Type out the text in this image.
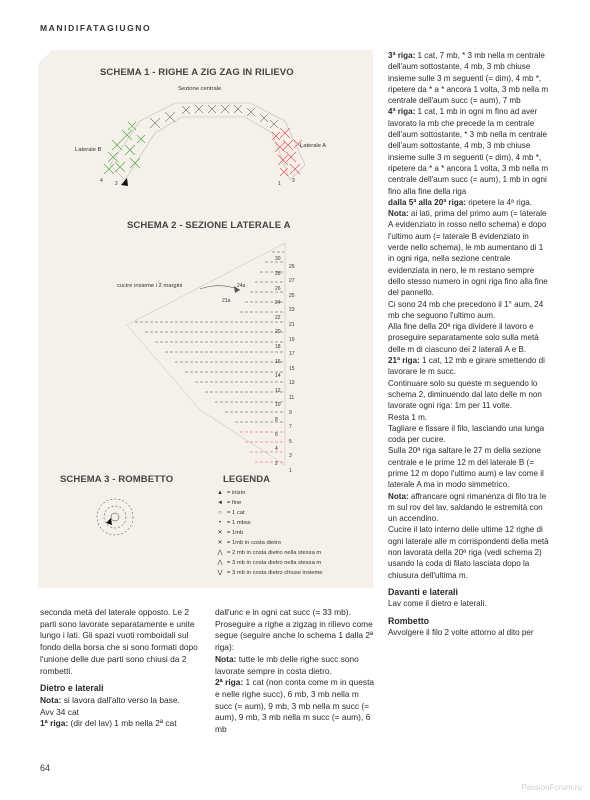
MANIDIFATAGIUGNO
SCHEMA 1 - RIGHE A ZIG ZAG IN RILIEVO
Sezione centrale
Laterale B
Laterale A
4 2	1 3
SCHEMA 2 - SEZIONE LATERALE A
cucire insieme i 2 margini
1
2
3
4
5
6
7
8
9
10
11
12
13
14
15
16
17
18
19
20
21
22
23
24
25
26
27
28
29
30
24a
21a
SCHEMA 3 - ROMBETTO	LEGENDA
▲ = inizio
◄ = fine
○ = 1 cat
• = 1 mbss
✕ = 1mb
✕ = 1mb in costa dietro
⋀ = 2 mb in costa dietro nella stessa m
⋀ = 3 mb in costa dietro nella stessa m
⋁ = 3 mb in costa dietro chiuse insieme

seconda metà del laterale opposto. Le 2 parti sono lavorate separatamente e unite lungo i lati. Gli spazi vuoti romboidali sul fondo della borsa che si sono formati dopo l'unione delle due parti sono chiusi da 2 rombetti.

Dietro e laterali

Nota: si lavora dall'alto verso la base.

Avv 34 cat

1ª riga: (dir del lav) 1 mb nella 2ª cat

dall'unc e in ogni cat succ (= 33 mb).

Proseguire a righe a zigzag in rilievo come segue (seguire anche lo schema 1 dalla 2ª riga):

Nota: tutte le mb delle righe succ sono lavorate sempre in costa dietro.

2ª riga: 1 cat (non conta come m in questa e nelle righe succ), 6 mb, 3 mb nella m succ (= aum), 9 mb, 3 mb nella m succ (= aum), 9 mb, 3 mb nella m succ (= aum), 6 mb

3ª riga: 1 cat, 7 mb, * 3 mb nella m centrale dell'aum sottostante, 4 mb, 3 mb chiuse insieme sulle 3 m seguenti (= dim), 4 mb *, ripetere da * a * ancora 1 volta, 3 mb nella m centrale dell'aum succ (= aum), 7 mb

4ª riga: 1 cat, 1 mb in ogni m fino ad aver lavorato la mb che precede la m centrale dell'aum sottostante, * 3 mb nella m centrale dell'aum sottostante, 4 mb, 3 mb chiuse insieme sulle 3 m seguenti (= dim), 4 mb *, ripetere da * a * ancora 1 volta, 3 mb nella m centrale dell'aum succ (= aum), 1 mb in ogni fino alla fine della riga

dalla 5ª alla 20ª riga: ripetere la 4ª riga.

Nota: ai lati, prima del primo aum (= laterale A evidenziato in rosso nello schema) e dopo l'ultimo aum (= laterale B evidenziato in verde nello schema), le mb aumentano di 1 in ogni riga, nella sezione centrale evidenziata in nero, le m restano sempre dello stesso numero in ogni riga fino alla fine del pannello.

Ci sono 24 mb che precedono il 1° aum, 24 mb che seguono l'ultimo aum.

Alla fine della 20ª riga dividere il lavoro e proseguire separatamente solo sulla metà delle m di ciascuno dei 2 laterali A e B.

21ª riga: 1 cat, 12 mb e girare smettendo di lavorare le m succ.

Continuare solo su queste m seguendo lo schema 2, diminuendo dal lato delle m non lavorate ogni riga: 1m per 11 volte.

Resta 1 m.

Tagliare e fissare il filo, lasciando una lunga coda per cucire.

Sulla 20ª riga saltare le 27 m della sezione centrale e le prime 12 m del laterale B (= prime 12 m dopo l'ultimo aum) e lav come il laterale A ma in modo simmetrico.

Nota: affrancare ogni rimanenza di filo tra le m sul rov del lav, saldando le estremità con un accendino.

Cucire il lato interno delle ultime 12 righe di ogni laterale alle m corrispondenti della metà non lavorata della 20ª riga (vedi schema 2) usando la coda di filato lasciata dopo la chiusura dell'ultima m.

Davanti e laterali

Lav come il dietro e laterali.

Rombetto

Avvolgere il filo 2 volte attorno al dito per

64
PassionForum.ru
